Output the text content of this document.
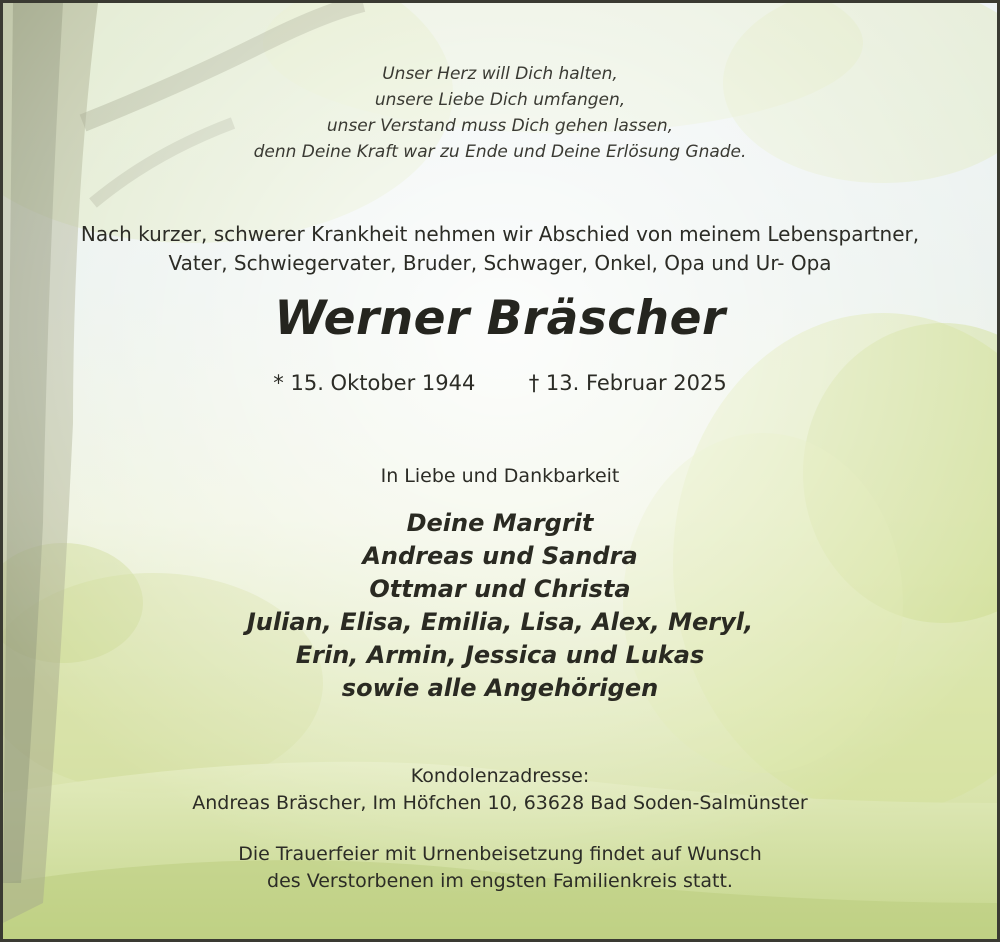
Unser Herz will Dich halten,
unsere Liebe Dich umfangen,
unser Verstand muss Dich gehen lassen,
denn Deine Kraft war zu Ende und Deine Erlösung Gnade.
Nach kurzer, schwerer Krankheit nehmen wir Abschied von meinem Lebenspartner,
Vater, Schwiegervater, Bruder, Schwager, Onkel, Opa und Ur- Opa
Werner Bräscher
* 15. Oktober 1944	† 13. Februar 2025
In Liebe und Dankbarkeit
Deine Margrit
Andreas und Sandra
Ottmar und Christa
Julian, Elisa, Emilia, Lisa, Alex, Meryl,
Erin, Armin, Jessica und Lukas
sowie alle Angehörigen
Kondolenzadresse:
Andreas Bräscher, Im Höfchen 10, 63628 Bad Soden-Salmünster
Die Trauerfeier mit Urnenbeisetzung findet auf Wunsch
des Verstorbenen im engsten Familienkreis statt.
